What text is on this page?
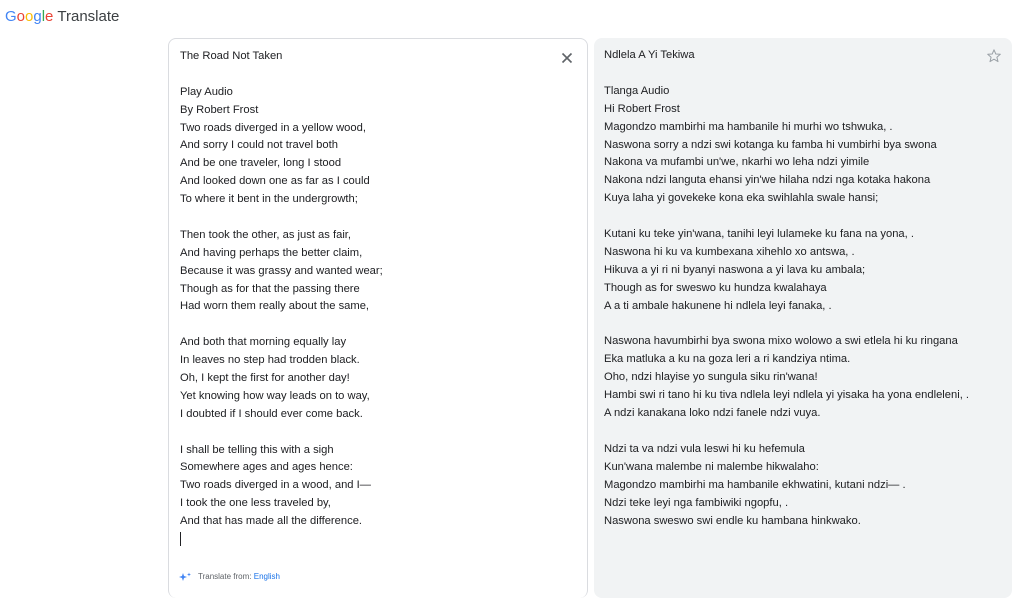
Google Translate
The Road Not Taken
Play Audio
By Robert Frost
Two roads diverged in a yellow wood,
And sorry I could not travel both
And be one traveler, long I stood
And looked down one as far as I could
To where it bent in the undergrowth;
Then took the other, as just as fair,
And having perhaps the better claim,
Because it was grassy and wanted wear;
Though as for that the passing there
Had worn them really about the same,
And both that morning equally lay
In leaves no step had trodden black.
Oh, I kept the first for another day!
Yet knowing how way leads on to way,
I doubted if I should ever come back.
I shall be telling this with a sigh
Somewhere ages and ages hence:
Two roads diverged in a wood, and I—
I took the one less traveled by,
And that has made all the difference.
Ndlela A Yi Tekiwa
Tlanga Audio
Hi Robert Frost
Magondzo mambirhi ma hambanile hi murhi wo tshwuka, .
Naswona sorry a ndzi swi kotanga ku famba hi vumbirhi bya swona
Nakona va mufambi un'we, nkarhi wo leha ndzi yimile
Nakona ndzi languta ehansi yin'we hilaha ndzi nga kotaka hakona
Kuya laha yi govekeke kona eka swihlahla swale hansi;
Kutani ku teke yin'wana, tanihi leyi lulameke ku fana na yona, .
Naswona hi ku va kumbexana xihehlo xo antswa, .
Hikuva a yi ri ni byanyi naswona a yi lava ku ambala;
Though as for sweswo ku hundza kwalahaya
A a ti ambale hakunene hi ndlela leyi fanaka, .
Naswona havumbirhi bya swona mixo wolowo a swi etlela hi ku ringana
Eka matluka a ku na goza leri a ri kandziya ntima.
Oho, ndzi hlayise yo sungula siku rin'wana!
Hambi swi ri tano hi ku tiva ndlela leyi ndlela yi yisaka ha yona endleleni, .
A ndzi kanakana loko ndzi fanele ndzi vuya.
Ndzi ta va ndzi vula leswi hi ku hefemula
Kun'wana malembe ni malembe hikwalaho:
Magondzo mambirhi ma hambanile ekhwatini, kutani ndzi— .
Ndzi teke leyi nga fambiwiki ngopfu, .
Naswona sweswo swi endle ku hambana hinkwako.
Translate from: English
